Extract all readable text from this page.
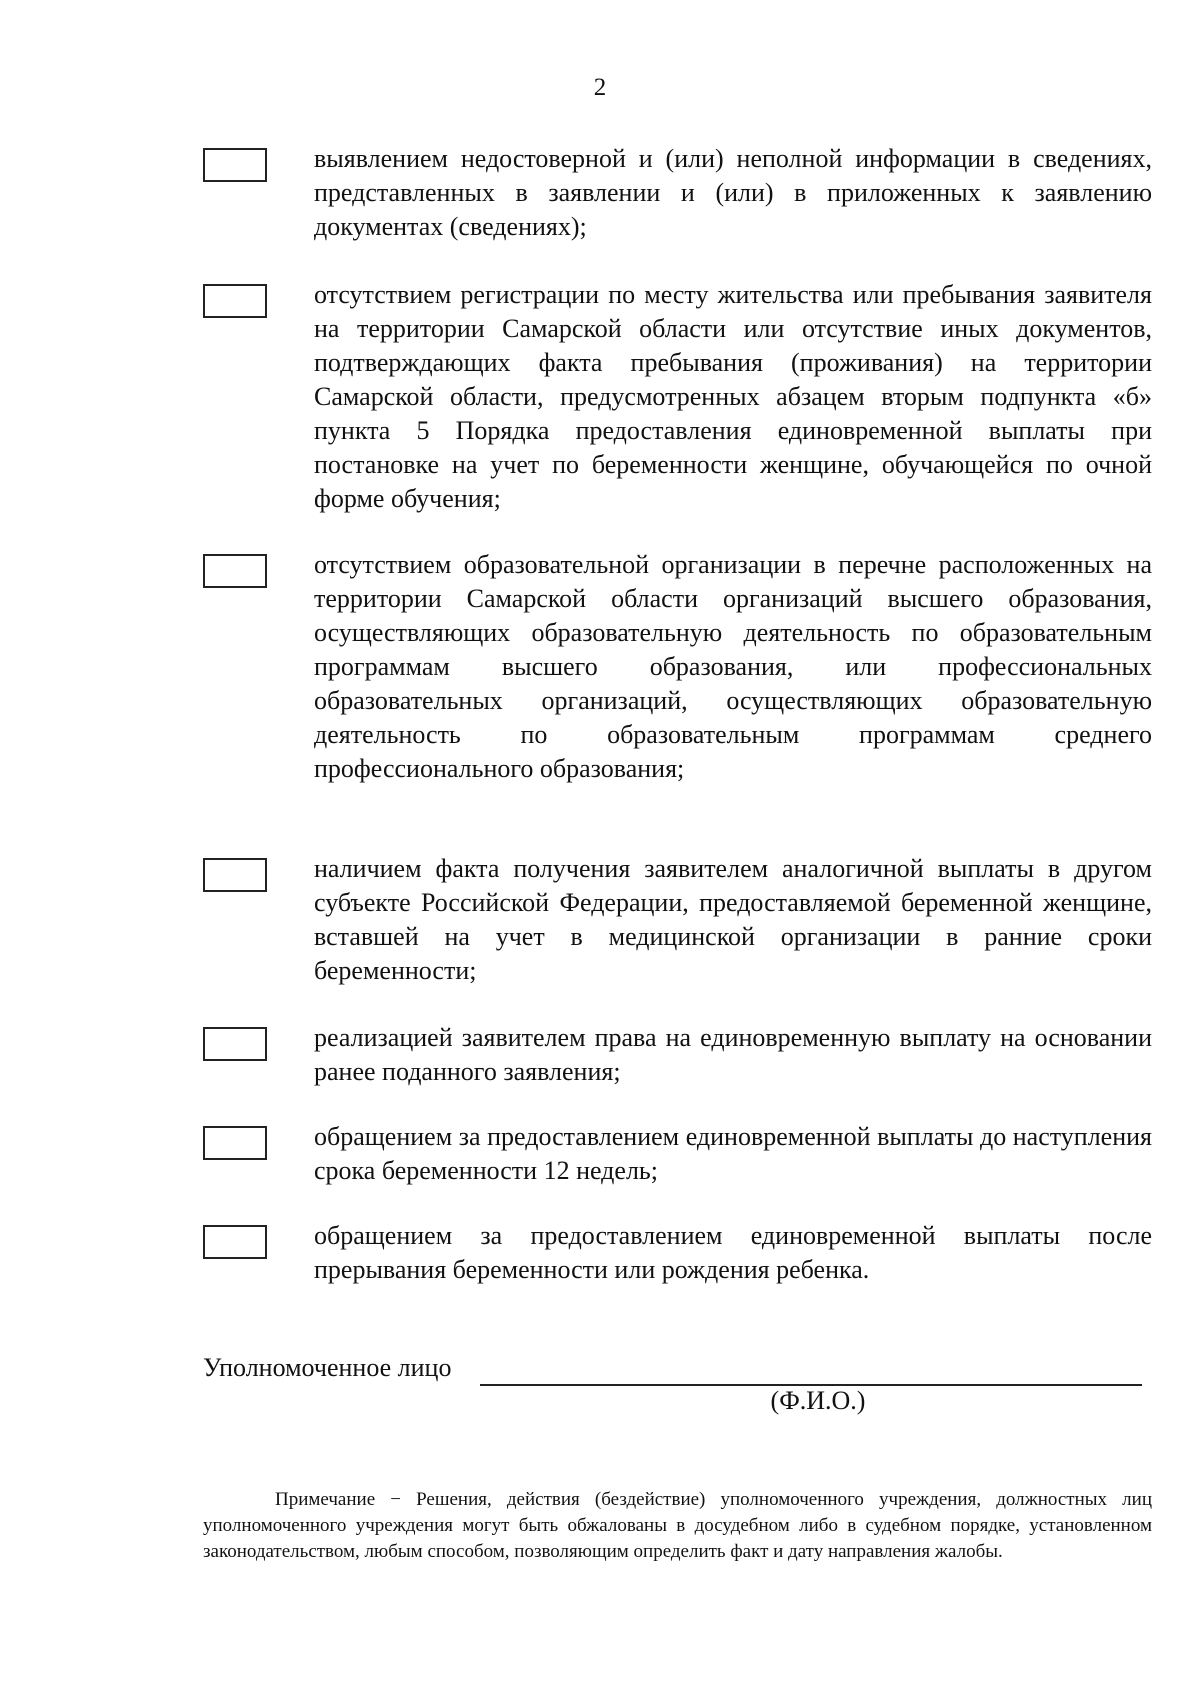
2
выявлением недостоверной и (или) неполной информации в сведениях, представленных в заявлении и (или) в приложенных к заявлению документах (сведениях);
отсутствием регистрации по месту жительства или пребывания заявителя на территории Самарской области или отсутствие иных документов, подтверждающих факта пребывания (проживания) на территории Самарской области, предусмотренных абзацем вторым подпункта «б» пункта 5 Порядка предоставления единовременной выплаты при постановке на учет по беременности женщине, обучающейся по очной форме обучения;
отсутствием образовательной организации в перечне расположенных на территории Самарской области организаций высшего образования, осуществляющих образовательную деятельность по образовательным программам высшего образования, или профессиональных образовательных организаций, осуществляющих образовательную деятельность по образовательным программам среднего профессионального образования;
наличием факта получения заявителем аналогичной выплаты в другом субъекте Российской Федерации, предоставляемой беременной женщине, вставшей на учет в медицинской организации в ранние сроки беременности;
реализацией заявителем права на единовременную выплату на основании ранее поданного заявления;
обращением за предоставлением единовременной выплаты до наступления срока беременности 12 недель;
обращением за предоставлением единовременной выплаты после прерывания беременности или рождения ребенка.
Уполномоченное лицо
(Ф.И.О.)
Примечание − Решения, действия (бездействие) уполномоченного учреждения, должностных лиц уполномоченного учреждения могут быть обжалованы в досудебном либо в судебном порядке, установленном законодательством, любым способом, позволяющим определить факт и дату направления жалобы.
